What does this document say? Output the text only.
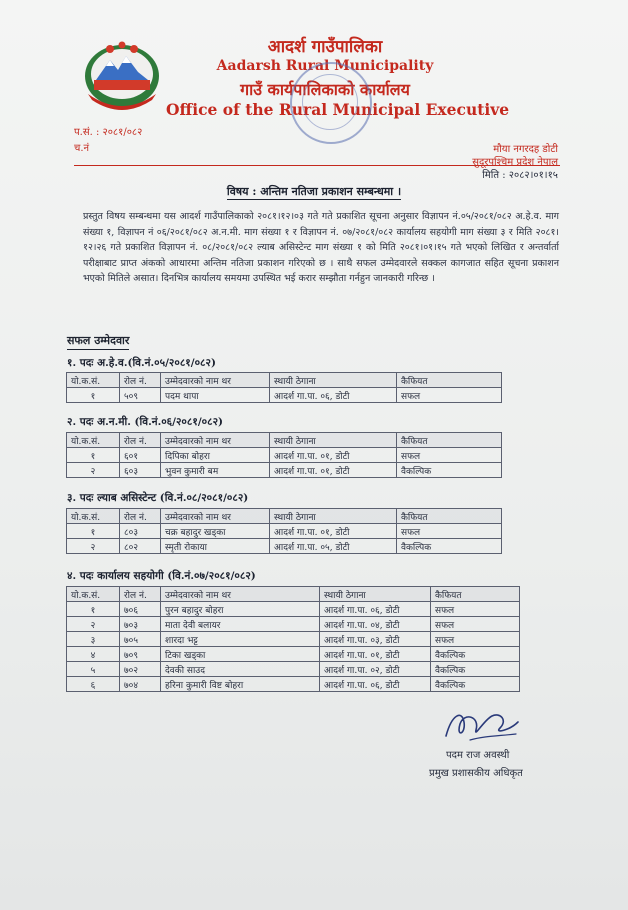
आदर्श गाउँपालिका
Aadarsh Rural Municipality
गाउँ कार्यपालिकाको कार्यालय
Office of the Rural Municipal Executive
प.सं. : २०८१/०८२
च.नं	मौया नगरदह डोटी
सुदूरपश्चिम प्रदेश नेपाल
मिति : २०८२।०१।१५
विषय : अन्तिम नतिजा प्रकाशन सम्बन्धमा ।
प्रस्तुत विषय सम्बन्धमा यस आदर्श गाउँपालिकाको २०८१।१२।०३ गते गते प्रकाशित सूचना अनुसार विज्ञापन नं.०५/२०८१/०८२ अ.हे.व. माग संख्या १, विज्ञापन नं ०६/२०८१/०८२ अ.न.मी. माग संख्या १ र विज्ञापन नं. ०७/२०८१/०८२ कार्यालय सहयोगी माग संख्या ३ र मिति २०८१।१२।२६ गते प्रकाशित विज्ञापन नं. ०८/२०८१/०८२ ल्याब असिस्टेन्ट माग संख्या १ को मिति २०८१।०१।१५ गते भएको लिखित र अन्तर्वार्ता परीक्षाबाट प्राप्त अंकको आधारमा अन्तिम नतिजा प्रकाशन गरिएको छ । साथै सफल उम्मेदवारले सक्कल कागजात सहित सूचना प्रकाशन भएको मितिले असात। दिनभित्र कार्यालय समयमा उपस्थित भई करार सम्झौता गर्नहुन जानकारी गरिन्छ ।
सफल उम्मेदवार
१. पदः अ.हे.व.(वि.नं.०५/२०८१/०८२)
यो.क.सं.	रोल नं.	उम्मेदवारको नाम थर	स्थायी ठेगाना	कैफियत
१	५०९	पदम थापा	आदर्श गा.पा. ०६, डोटी	सफल
२. पदः अ.न.मी. (वि.नं.०६/२०८१/०८२)
यो.क.सं.	रोल नं.	उम्मेदवारको नाम थर	स्थायी ठेगाना	कैफियत
१	६०१	दिपिका बोहरा	आदर्श गा.पा. ०१, डोटी	सफल
२	६०३	भुवन कुमारी बम	आदर्श गा.पा. ०१, डोटी	वैकल्पिक
३. पदः ल्याब असिस्टेन्ट (वि.नं.०८/२०८१/०८२)
यो.क.सं.	रोल नं.	उम्मेदवारको नाम थर	स्थायी ठेगाना	कैफियत
१	८०३	चक्र बहादुर खड्का	आदर्श गा.पा. ०१, डोटी	सफल
२	८०२	स्मृती रोकाया	आदर्श गा.पा. ०५, डोटी	वैकल्पिक
४. पदः कार्यालय सहयोगी (वि.नं.०७/२०८१/०८२)
यो.क.सं.	रोल नं.	उम्मेदवारको नाम थर	स्थायी ठेगाना	कैफियत
१	७०६	पुरन बहादुर बोहरा	आदर्श गा.पा. ०६, डोटी	सफल
२	७०३	माता देवी बलायर	आदर्श गा.पा. ०४, डोटी	सफल
३	७०५	शारदा भट्ट	आदर्श गा.पा. ०३, डोटी	सफल
४	७०९	टिका खड्का	आदर्श गा.पा. ०१, डोटी	वैकल्पिक
५	७०२	देवकी साउद	आदर्श गा.पा. ०२, डोटी	वैकल्पिक
६	७०४	हरिना कुमारी विष्ट बोहरा	आदर्श गा.पा. ०६, डोटी	वैकल्पिक
पदम राज अवस्थी
प्रमुख प्रशासकीय अधिकृत
